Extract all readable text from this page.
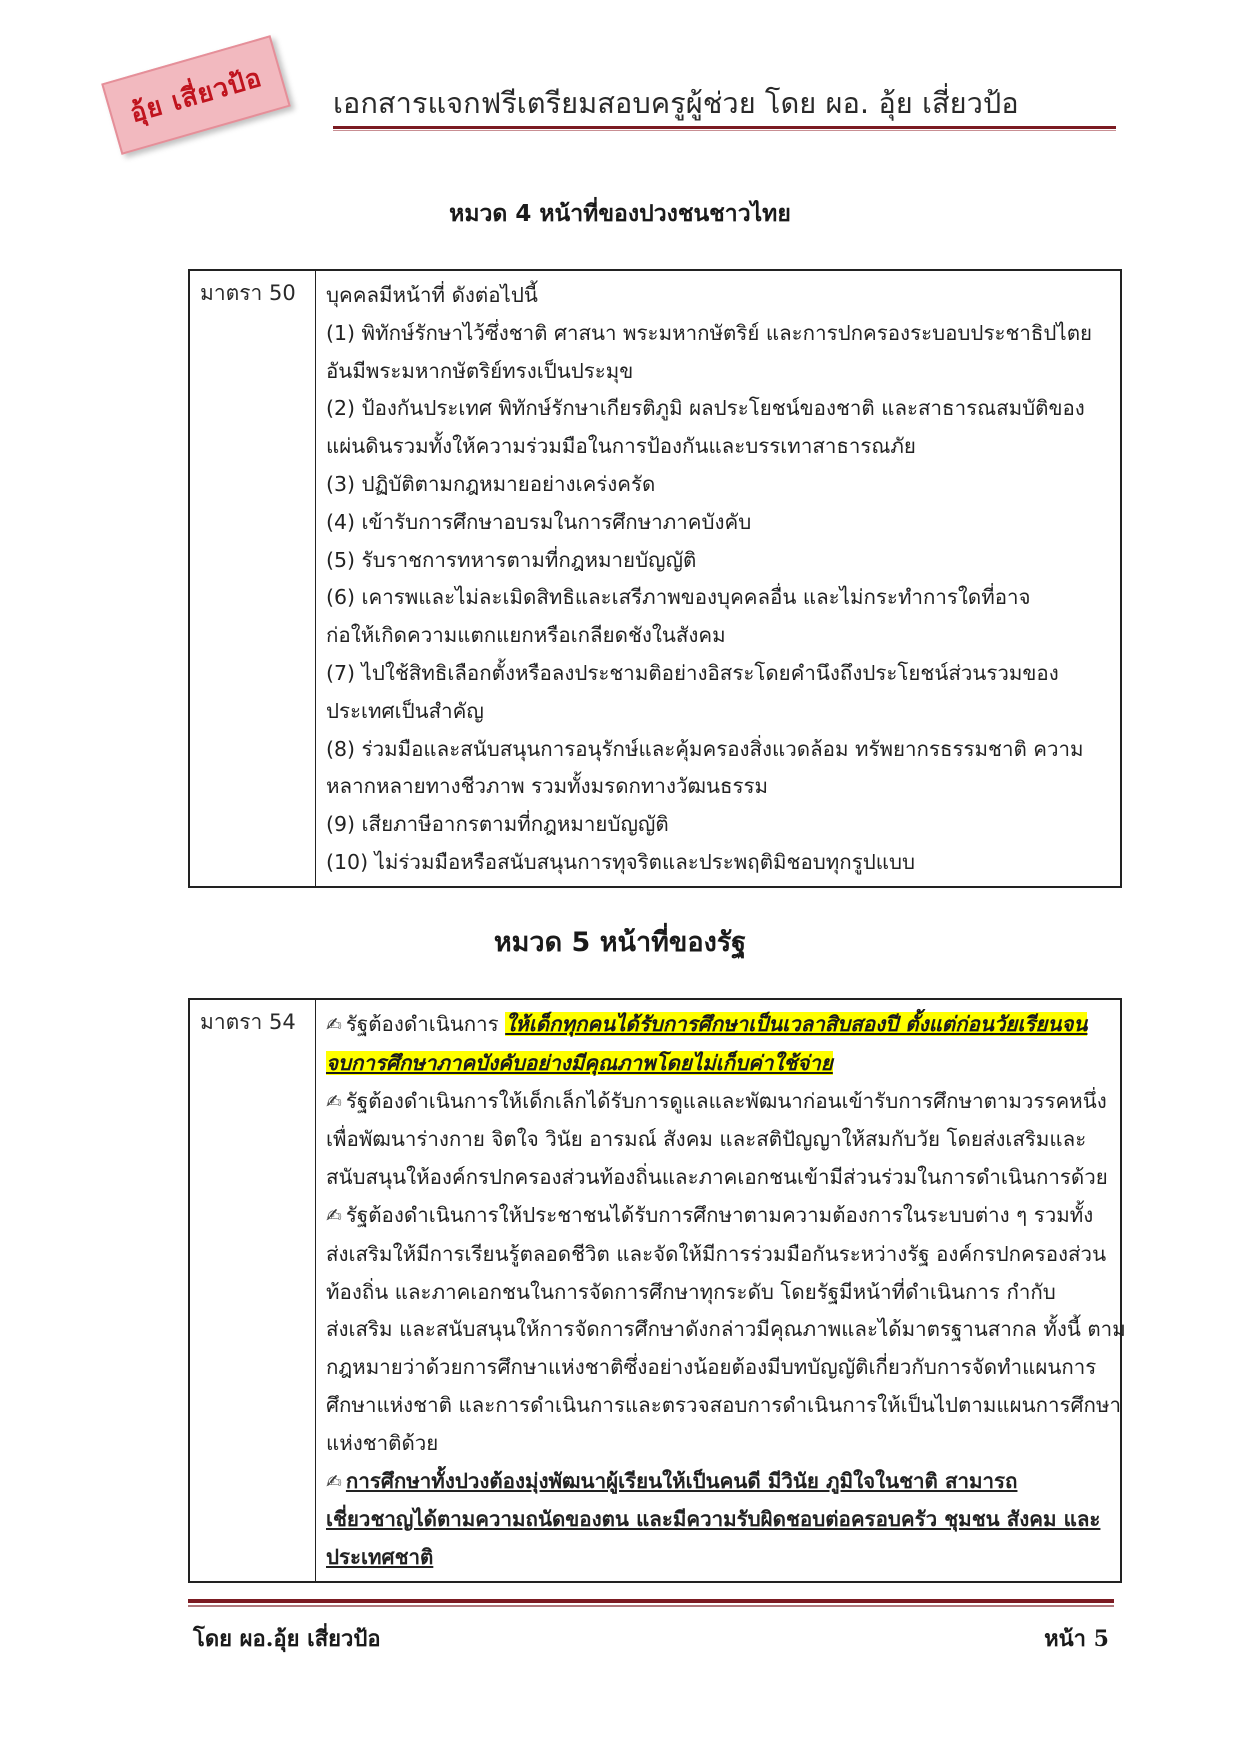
อุ้ย เสี่ยวป้อ เอกสารแจกฟรีเตรียมสอบครูผู้ช่วย โดย ผอ. อุ้ย เสี่ยวป้อ
หมวด 4 หน้าที่ของปวงชนชาวไทย
มาตรา 50	บุคคลมีหน้าที่ ดังต่อไปนี้
(1) พิทักษ์รักษาไว้ซึ่งชาติ ศาสนา พระมหากษัตริย์ และการปกครองระบอบประชาธิปไตย
อันมีพระมหากษัตริย์ทรงเป็นประมุข
(2) ป้องกันประเทศ พิทักษ์รักษาเกียรติภูมิ ผลประโยชน์ของชาติ และสาธารณสมบัติของ
แผ่นดินรวมทั้งให้ความร่วมมือในการป้องกันและบรรเทาสาธารณภัย
(3) ปฏิบัติตามกฎหมายอย่างเคร่งครัด
(4) เข้ารับการศึกษาอบรมในการศึกษาภาคบังคับ
(5) รับราชการทหารตามที่กฎหมายบัญญัติ
(6) เคารพและไม่ละเมิดสิทธิและเสรีภาพของบุคคลอื่น และไม่กระทำการใดที่อาจ
ก่อให้เกิดความแตกแยกหรือเกลียดชังในสังคม
(7) ไปใช้สิทธิเลือกตั้งหรือลงประชามติอย่างอิสระโดยคำนึงถึงประโยชน์ส่วนรวมของ
ประเทศเป็นสำคัญ
(8) ร่วมมือและสนับสนุนการอนุรักษ์และคุ้มครองสิ่งแวดล้อม ทรัพยากรธรรมชาติ ความ
หลากหลายทางชีวภาพ รวมทั้งมรดกทางวัฒนธรรม
(9) เสียภาษีอากรตามที่กฎหมายบัญญัติ
(10) ไม่ร่วมมือหรือสนับสนุนการทุจริตและประพฤติมิชอบทุกรูปแบบ
หมวด 5 หน้าที่ของรัฐ
มาตรา 54	✍ รัฐต้องดำเนินการ ให้เด็กทุกคนได้รับการศึกษาเป็นเวลาสิบสองปี ตั้งแต่ก่อนวัยเรียนจน
จบการศึกษาภาคบังคับอย่างมีคุณภาพโดยไม่เก็บค่าใช้จ่าย
✍ รัฐต้องดำเนินการให้เด็กเล็กได้รับการดูแลและพัฒนาก่อนเข้ารับการศึกษาตามวรรคหนึ่ง
เพื่อพัฒนาร่างกาย จิตใจ วินัย อารมณ์ สังคม และสติปัญญาให้สมกับวัย โดยส่งเสริมและ
สนับสนุนให้องค์กรปกครองส่วนท้องถิ่นและภาคเอกชนเข้ามีส่วนร่วมในการดำเนินการด้วย
✍ รัฐต้องดำเนินการให้ประชาชนได้รับการศึกษาตามความต้องการในระบบต่าง ๆ รวมทั้ง
ส่งเสริมให้มีการเรียนรู้ตลอดชีวิต และจัดให้มีการร่วมมือกันระหว่างรัฐ องค์กรปกครองส่วน
ท้องถิ่น และภาคเอกชนในการจัดการศึกษาทุกระดับ โดยรัฐมีหน้าที่ดำเนินการ กำกับ
ส่งเสริม และสนับสนุนให้การจัดการศึกษาดังกล่าวมีคุณภาพและได้มาตรฐานสากล ทั้งนี้ ตาม
กฎหมายว่าด้วยการศึกษาแห่งชาติซึ่งอย่างน้อยต้องมีบทบัญญัติเกี่ยวกับการจัดทำแผนการ
ศึกษาแห่งชาติ และการดำเนินการและตรวจสอบการดำเนินการให้เป็นไปตามแผนการศึกษา
แห่งชาติด้วย
✍ การศึกษาทั้งปวงต้องมุ่งพัฒนาผู้เรียนให้เป็นคนดี มีวินัย ภูมิใจในชาติ สามารถ
เชี่ยวชาญได้ตามความถนัดของตน และมีความรับผิดชอบต่อครอบครัว ชุมชน สังคม และ
ประเทศชาติ
โดย ผอ.อุ้ย เสี่ยวป้อ	หน้า 5
